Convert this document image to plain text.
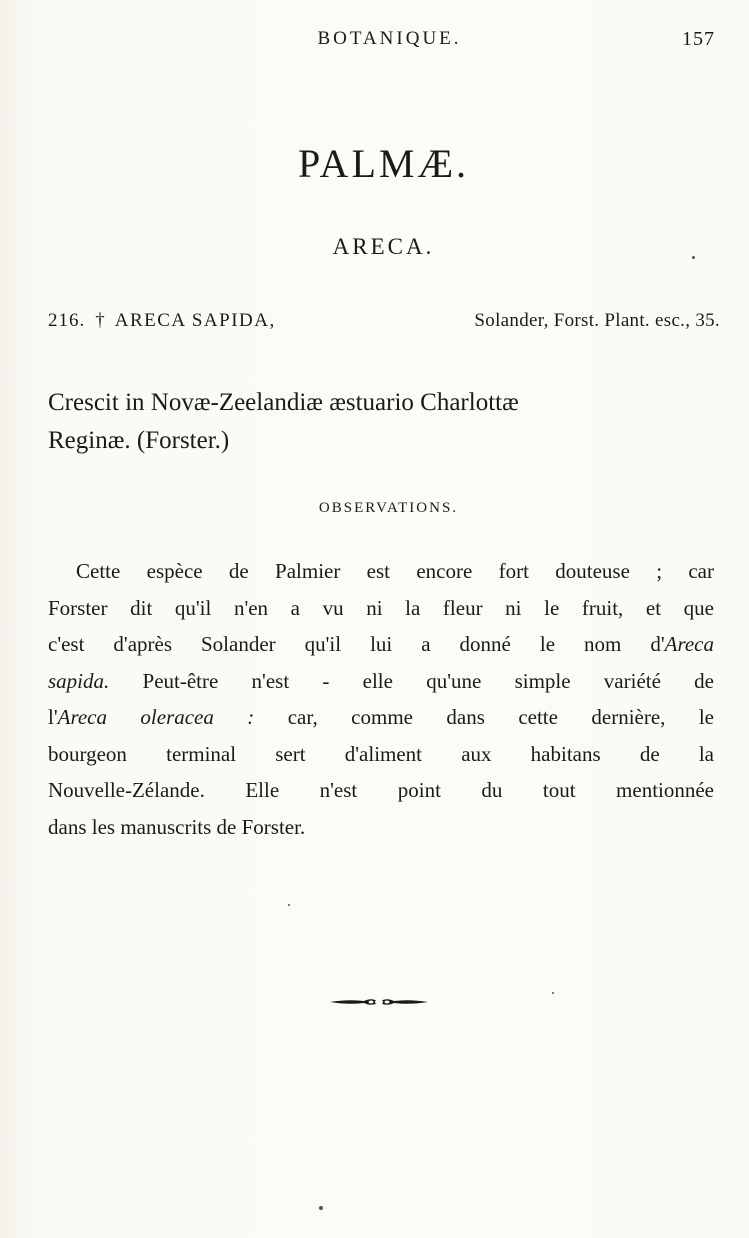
BOTANIQUE.	157
PALMÆ.
ARECA.
216. † ARECA SAPIDA,	Solander, Forst. Plant. esc., 35.
Crescit in Novæ-Zeelandiæ æstuario Charlottæ
Reginæ. (Forster.)
OBSERVATIONS.
Cette espèce de Palmier est encore fort douteuse ; car
Forster dit qu'il n'en a vu ni la fleur ni le fruit, et que
c'est d'après Solander qu'il lui a donné le nom d'Areca
sapida. Peut-être n'est - elle qu'une simple variété de
l'Areca oleracea : car, comme dans cette dernière, le
bourgeon terminal sert d'aliment aux habitans de la
Nouvelle-Zélande. Elle n'est point du tout mentionnée
dans les manuscrits de Forster.
